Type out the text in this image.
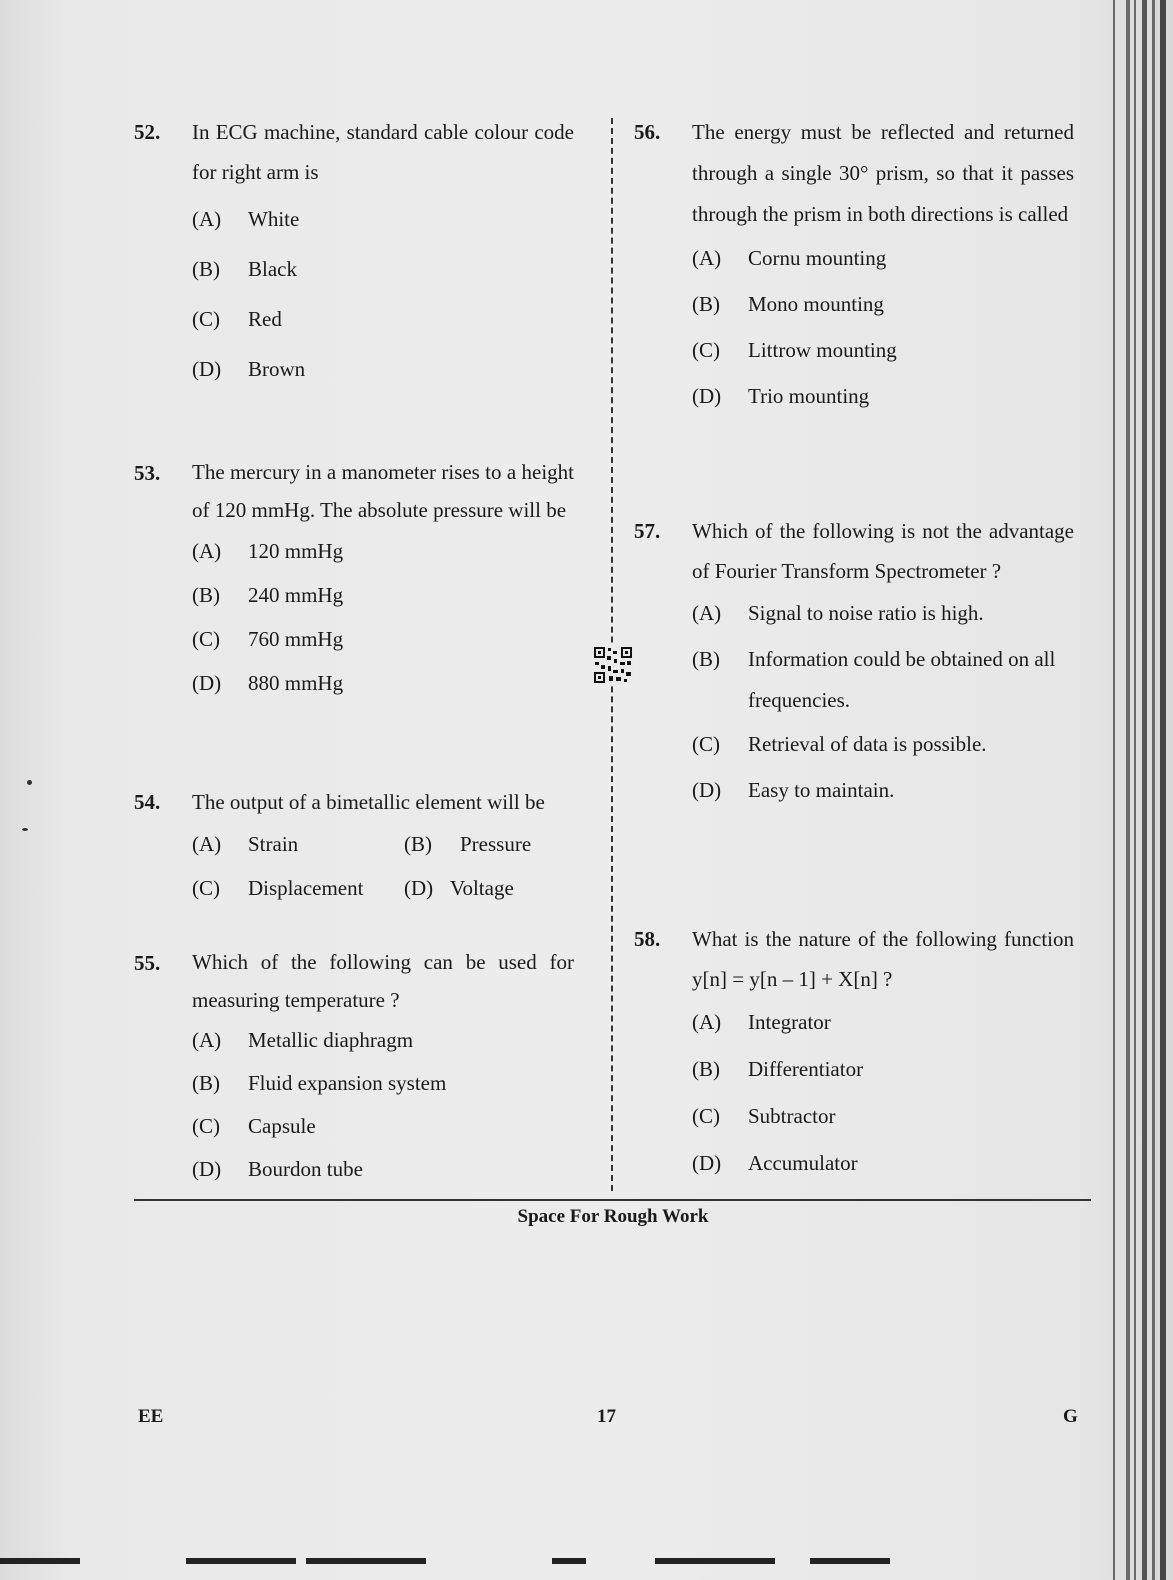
52.	In ECG machine, standard cable colour code for right arm is
(A)	White
(B)	Black
(C)	Red
(D)	Brown
53.	The mercury in a manometer rises to a height of 120 mmHg. The absolute pressure will be
(A)	120 mmHg
(B)	240 mmHg
(C)	760 mmHg
(D)	880 mmHg
54.	The output of a bimetallic element will be
(A)	Strain	(B)	Pressure
(C)	Displacement (D) Voltage
55.	Which of the following can be used for measuring temperature ?
(A)	Metallic diaphragm
(B)	Fluid expansion system
(C)	Capsule
(D)	Bourdon tube
56.	The energy must be reflected and returned through a single 30° prism, so that it passes through the prism in both directions is called
(A)	Cornu mounting
(B)	Mono mounting
(C)	Littrow mounting
(D)	Trio mounting
57.	Which of the following is not the advantage of Fourier Transform Spectrometer ?
(A)	Signal to noise ratio is high.
(B)	Information could be obtained on all frequencies.
(C)	Retrieval of data is possible.
(D)	Easy to maintain.
58.	What is the nature of the following function y[n] = y[n – 1] + X[n] ?
(A)	Integrator
(B)	Differentiator
(C)	Subtractor
(D)	Accumulator
Space For Rough Work
EE	17	G
